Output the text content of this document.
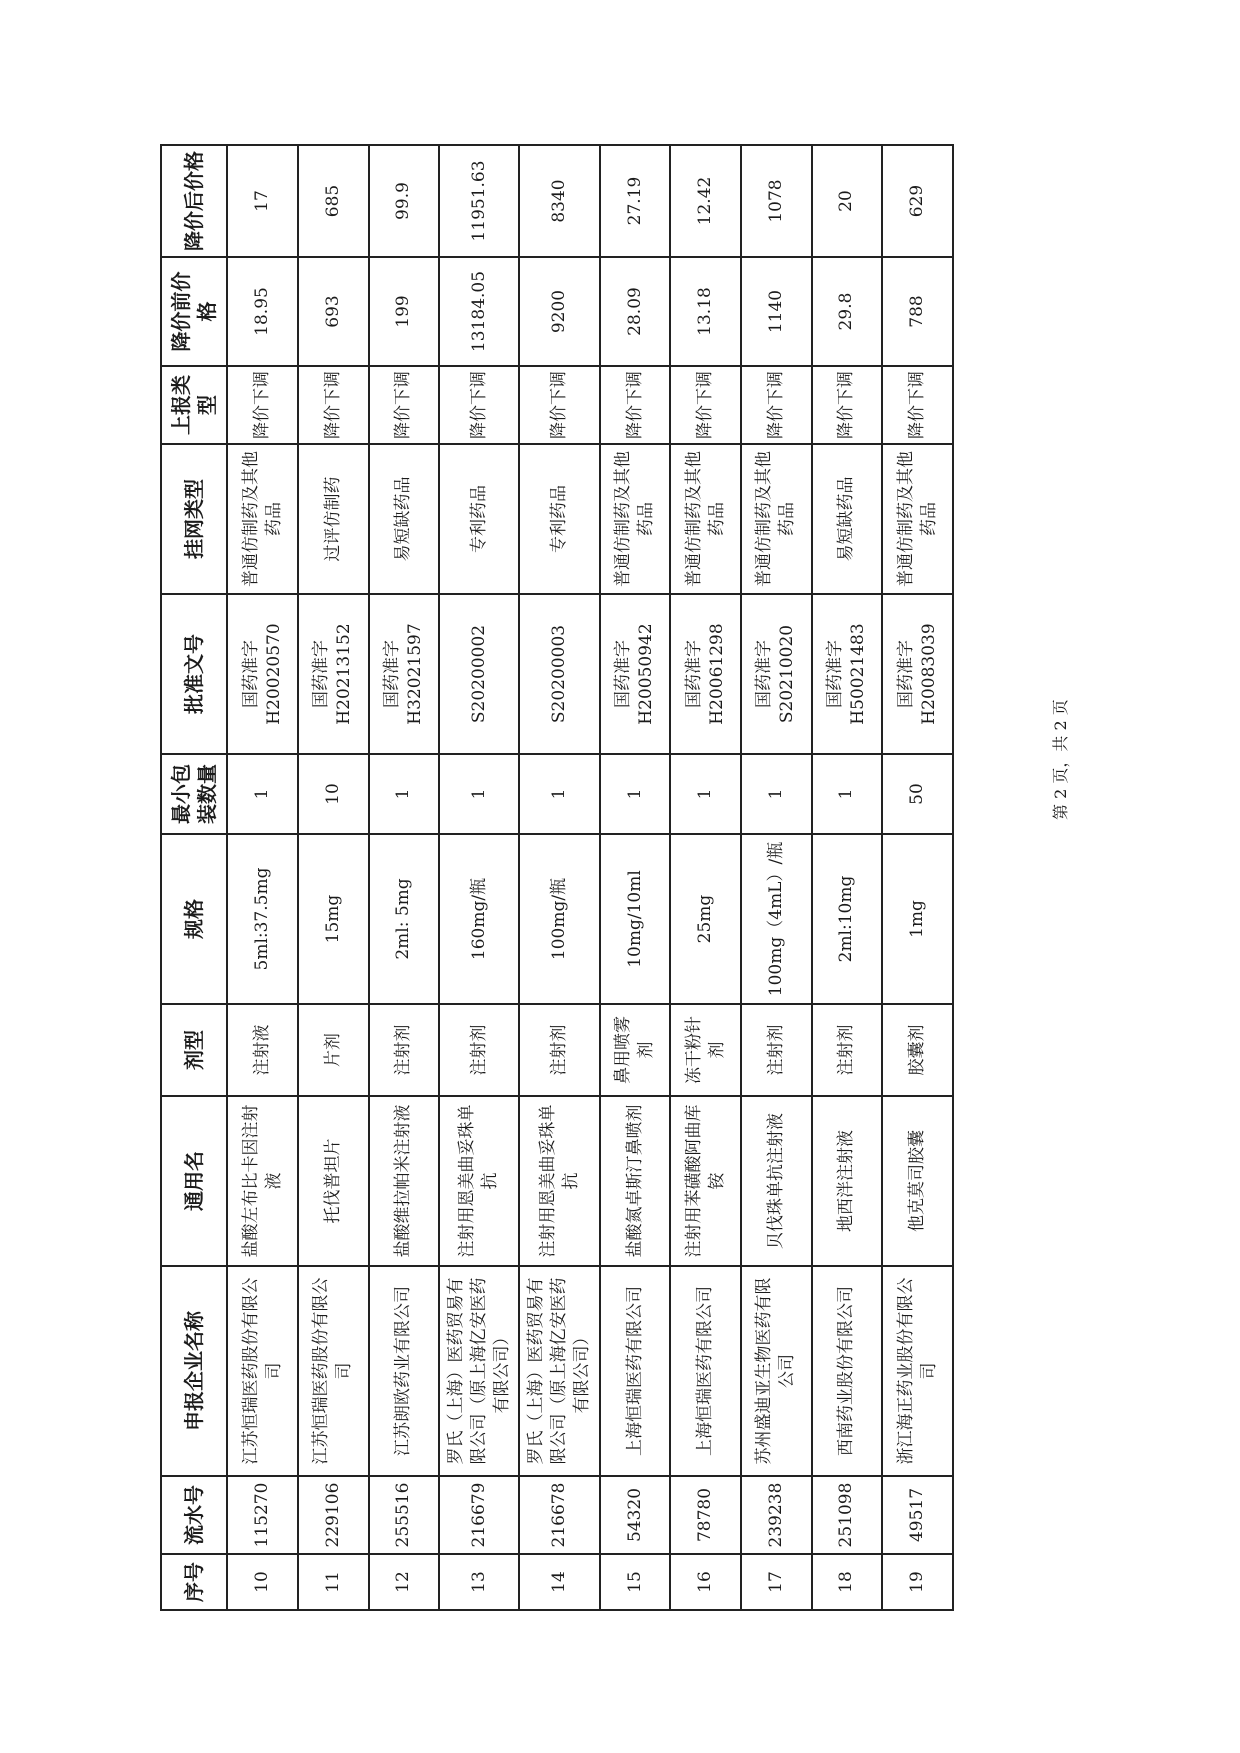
序号	流水号	申报企业名称	通用名	剂型	规格	最小包装数量	批准文号	挂网类型	上报类型	降价前价格	降价后价格
10	115270	江苏恒瑞医药股份有限公司	盐酸左布比卡因注射液	注射液	5ml:37.5mg	1	国药准字H20020570	普通仿制药及其他药品	降价下调	18.95	17
11	229106	江苏恒瑞医药股份有限公司	托伐普坦片	片剂	15mg	10	国药准字H20213152	过评仿制药	降价下调	693	685
12	255516	江苏朗欧药业有限公司	盐酸维拉帕米注射液	注射剂	2ml: 5mg	1	国药准字H32021597	易短缺药品	降价下调	199	99.9
13	216679	罗氏（上海）医药贸易有限公司（原上海亿安医药有限公司）	注射用恩美曲妥珠单抗	注射剂	160mg/瓶	1	S20200002	专利药品	降价下调	13184.05	11951.63
14	216678	罗氏（上海）医药贸易有限公司（原上海亿安医药有限公司）	注射用恩美曲妥珠单抗	注射剂	100mg/瓶	1	S20200003	专利药品	降价下调	9200	8340
15	54320	上海恒瑞医药有限公司	盐酸氮卓斯汀鼻喷剂	鼻用喷雾剂	10mg/10ml	1	国药准字H20050942	普通仿制药及其他药品	降价下调	28.09	27.19
16	78780	上海恒瑞医药有限公司	注射用苯磺酸阿曲库铵	冻干粉针剂	25mg	1	国药准字H20061298	普通仿制药及其他药品	降价下调	13.18	12.42
17	239238	苏州盛迪亚生物医药有限公司	贝伐珠单抗注射液	注射剂	100mg（4mL）/瓶	1	国药准字S20210020	普通仿制药及其他药品	降价下调	1140	1078
18	251098	西南药业股份有限公司	地西泮注射液	注射剂	2ml:10mg	1	国药准字H50021483	易短缺药品	降价下调	29.8	20
19	49517	浙江海正药业股份有限公司	他克莫司胶囊	胶囊剂	1mg	50	国药准字H20083039	普通仿制药及其他药品	降价下调	788	629
第 2 页，共 2 页
